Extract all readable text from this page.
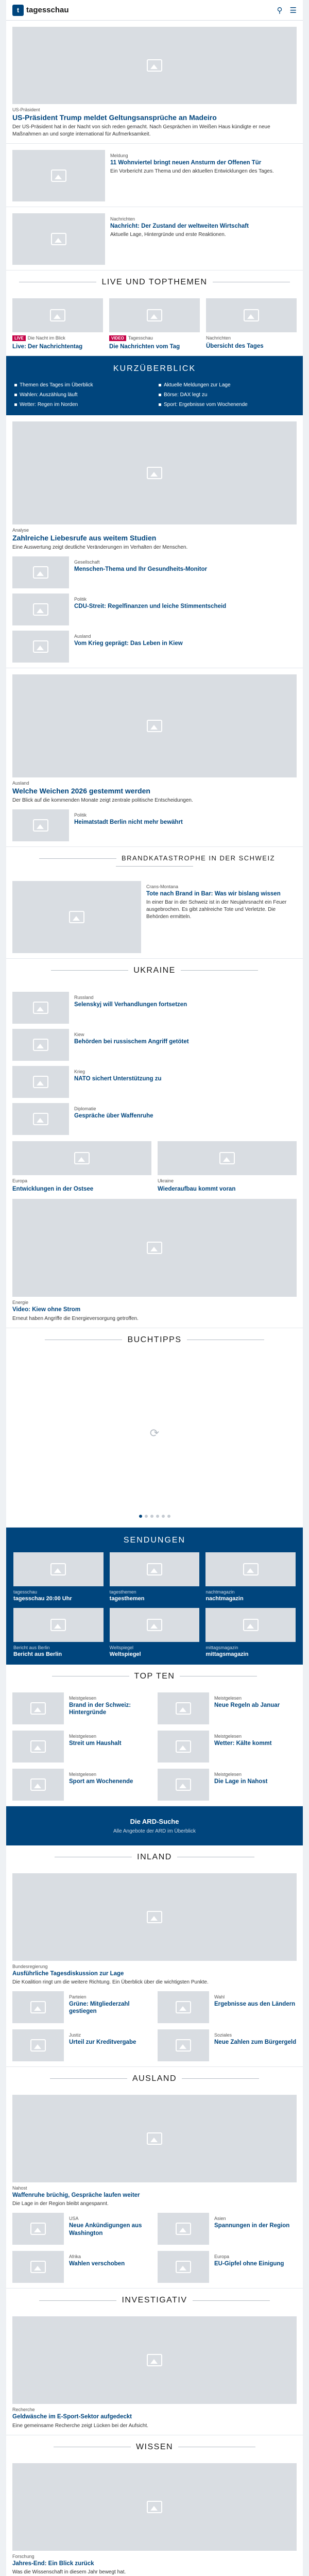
t tagesschau	⚲ ☰
US-Präsident
US-Präsident Trump meldet Geltungsansprüche an Madeiro
Der US-Präsident hat in der Nacht von sich reden gemacht. Nach Gesprächen im Weißen Haus kündigte er neue Maßnahmen an und sorgte international für Aufmerksamkeit.
Meldung
11 Wohnviertel bringt neuen Ansturm der Offenen Tür
Ein Vorbericht zum Thema und den aktuellen Entwicklungen des Tages.
Nachrichten
Nachricht: Der Zustand der weltweiten Wirtschaft
Aktuelle Lage, Hintergründe und erste Reaktionen.
LIVE UND TOPTHEMEN
LIVE Die Nacht im Blick
Live: Der Nachrichtentag
VIDEO Tagesschau
Die Nachrichten vom Tag
Nachrichten
Übersicht des Tages
KURZÜBERBLICK
Themen des Tages im Überblick	Aktuelle Meldungen zur Lage
Wahlen: Auszählung läuft	Börse: DAX legt zu
Wetter: Regen im Norden	Sport: Ergebnisse vom Wochenende
Analyse
Zahlreiche Liebesrufe aus weitem Studien
Eine Auswertung zeigt deutliche Veränderungen im Verhalten der Menschen.
Gesellschaft
Menschen-Thema und Ihr Gesundheits-Monitor
Politik
CDU-Streit: Regelfinanzen und leiche Stimmentscheid
Ausland
Vom Krieg geprägt: Das Leben in Kiew
Ausland
Welche Weichen 2026 gestemmt werden
Der Blick auf die kommenden Monate zeigt zentrale politische Entscheidungen.
Politik
Heimatstadt Berlin nicht mehr bewährt
BRANDKATASTROPHE IN DER SCHWEIZ
Crans-Montana
Tote nach Brand in Bar: Was wir bislang wissen
In einer Bar in der Schweiz ist in der Neujahrsnacht ein Feuer ausgebrochen. Es gibt zahlreiche Tote und Verletzte. Die Behörden ermitteln.
UKRAINE
Russland
Selenskyj will Verhandlungen fortsetzen
Kiew
Behörden bei russischem Angriff getötet
Krieg
NATO sichert Unterstützung zu
Diplomatie
Gespräche über Waffenruhe
Europa
Entwicklungen in der Ostsee
Ukraine
Wiederaufbau kommt voran
Energie
Video: Kiew ohne Strom
Erneut haben Angriffe die Energieversorgung getroffen.
BUCHTIPPS
⟳
SENDUNGEN
tagesschau
tagesschau 20:00 Uhr
tagesthemen
tagesthemen
nachtmagazin
nachtmagazin
Bericht aus Berlin
Bericht aus Berlin
Weltspiegel
Weltspiegel
mittagsmagazin
mittagsmagazin
TOP TEN
Meistgelesen
Brand in der Schweiz: Hintergründe
Meistgelesen
Neue Regeln ab Januar
Meistgelesen
Streit um Haushalt
Meistgelesen
Wetter: Kälte kommt
Meistgelesen
Sport am Wochenende
Meistgelesen
Die Lage in Nahost
Die ARD-Suche
Alle Angebote der ARD im Überblick
INLAND
Bundesregierung
Ausführliche Tagesdiskussion zur Lage
Die Koalition ringt um die weitere Richtung. Ein Überblick über die wichtigsten Punkte.
Parteien
Grüne: Mitgliederzahl gestiegen
Wahl
Ergebnisse aus den Ländern
Justiz
Urteil zur Kreditvergabe
Soziales
Neue Zahlen zum Bürgergeld
AUSLAND
Nahost
Waffenruhe brüchig, Gespräche laufen weiter
Die Lage in der Region bleibt angespannt.
USA
Neue Ankündigungen aus Washington
Asien
Spannungen in der Region
Afrika
Wahlen verschoben
Europa
EU-Gipfel ohne Einigung
INVESTIGATIV
Recherche
Geldwäsche im E-Sport-Sektor aufgedeckt
Eine gemeinsame Recherche zeigt Lücken bei der Aufsicht.
WISSEN
Forschung
Jahres-End: Ein Blick zurück
Was die Wissenschaft in diesem Jahr bewegt hat.
